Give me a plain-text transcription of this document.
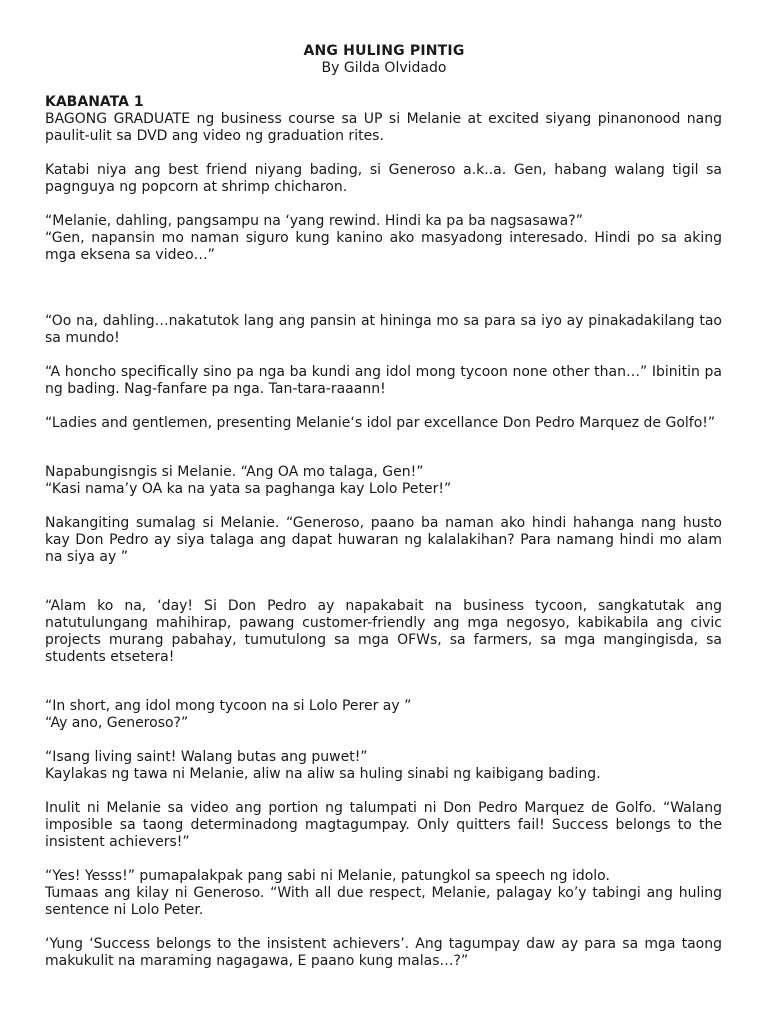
ANG HULING PINTIG
By Gilda Olvidado
KABANATA 1

BAGONG GRADUATE ng business course sa UP si Melanie at excited siyang pinanonood nang paulit-ulit sa DVD ang video ng graduation rites.

Katabi niya ang best friend niyang bading, si Generoso a.k..a. Gen, habang walang tigil sa pagnguya ng popcorn at shrimp chicharon.

“Melanie, dahling, pangsampu na ‘yang rewind. Hindi ka pa ba nagsasawa?”

“Gen, napansin mo naman siguro kung kanino ako masyadong interesado. Hindi po sa aking mga eksena sa video…”

“Oo na, dahling…nakatutok lang ang pansin at hininga mo sa para sa iyo ay pinakadakilang tao sa mundo!

“A honcho specifically sino pa nga ba kundi ang idol mong tycoon none other than…” Ibinitin pa ng bading. Nag-fanfare pa nga. Tan-tara-raaann!

“Ladies and gentlemen, presenting Melanie‘s idol par excellance Don Pedro Marquez de Golfo!”

Napabungisngis si Melanie. “Ang OA mo talaga, Gen!”

“Kasi nama’y OA ka na yata sa paghanga kay Lolo Peter!”

Nakangiting sumalag si Melanie. “Generoso, paano ba naman ako hindi hahanga nang husto kay Don Pedro ay siya talaga ang dapat huwaran ng kalalakihan? Para namang hindi mo alam na siya ay ”

“Alam ko na, ‘day! Si Don Pedro ay napakabait na business tycoon, sangkatutak ang natutulungang mahihirap, pawang customer-friendly ang mga negosyo, kabikabila ang civic projects murang pabahay, tumutulong sa mga OFWs, sa farmers, sa mga mangingisda, sa students etsetera!

“In short, ang idol mong tycoon na si Lolo Perer ay ”

“Ay ano, Generoso?”

“Isang living saint! Walang butas ang puwet!”

Kaylakas ng tawa ni Melanie, aliw na aliw sa huling sinabi ng kaibigang bading.

Inulit ni Melanie sa video ang portion ng talumpati ni Don Pedro Marquez de Golfo. “Walang imposible sa taong determinadong magtagumpay. Only quitters fail! Success belongs to the insistent achievers!”

“Yes! Yesss!” pumapalakpak pang sabi ni Melanie, patungkol sa speech ng idolo.

Tumaas ang kilay ni Generoso. “With all due respect, Melanie, palagay ko’y tabingi ang huling sentence ni Lolo Peter.

‘Yung ‘Success belongs to the insistent achievers’. Ang tagumpay daw ay para sa mga taong makukulit na maraming nagagawa, E paano kung malas…?”
